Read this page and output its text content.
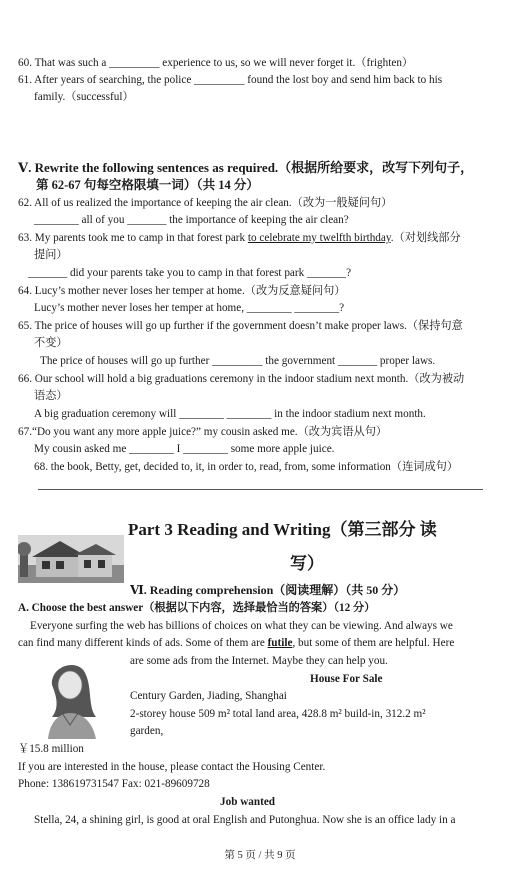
60. That was such a _________ experience to us, so we will never forget it.（frighten）
61. After years of searching, the police _________ found the lost boy and send him back to his
family.（successful）
Ⅴ. Rewrite the following sentences as required.（根据所给要求，改写下列句子，
第 62-67 句每空格限填一词）（共 14 分）
62. All of us realized the importance of keeping the air clean.（改为一般疑问句）
________ all of you _______ the importance of keeping the air clean?
63. My parents took me to camp in that forest park to celebrate my twelfth birthday.（对划线部分
提问）
_______ did your parents take you to camp in that forest park _______?
64. Lucy’s mother never loses her temper at home.（改为反意疑问句）
Lucy’s mother never loses her temper at home, ________ ________?
65. The price of houses will go up further if the government doesn’t make proper laws.（保持句意
不变）
The price of houses will go up further _________ the government _______ proper laws.
66. Our school will hold a big graduations ceremony in the indoor stadium next month.（改为被动
语态）
A big graduation ceremony will ________ ________ in the indoor stadium next month.
67.“Do you want any more apple juice?” my cousin asked me.（改为宾语从句）
My cousin asked me ________ I ________ some more apple juice.
68. the book, Betty, get, decided to, it, in order to, read, from, some information（连词成句）
Part 3 Reading and Writing（第三部分 读
写）
Ⅵ. Reading comprehension（阅读理解）（共 50 分）
A. Choose the best answer（根据以下内容，选择最恰当的答案）（12 分）
Everyone surfing the web has billions of choices on what they can be viewing. And always we
can find many different kinds of ads. Some of them are futile, but some of them are helpful. Here
are some ads from the Internet. Maybe they can help you.
House For Sale
Century Garden, Jiading, Shanghai
2-storey house 509 m² total land area, 428.8 m² build-in, 312.2 m²
garden,
￥15.8 million
If you are interested in the house, please contact the Housing Center.
Phone: 138619731547 Fax: 021-89609728
Job wanted
Stella, 24, a shining girl, is good at oral English and Putonghua. Now she is an office lady in a
第 5 页 / 共 9 页
